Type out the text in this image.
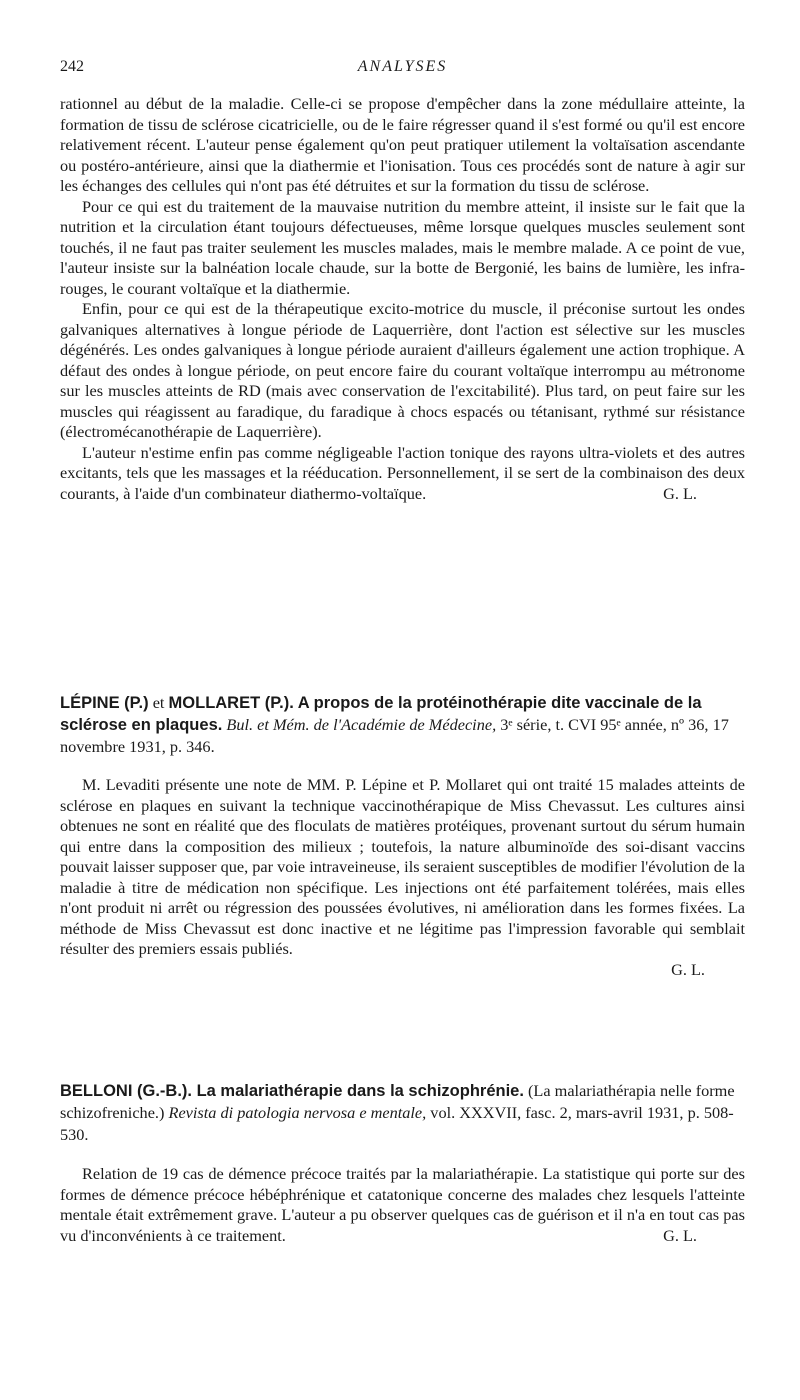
242	ANALYSES

rationnel au début de la maladie. Celle-ci se propose d'empêcher dans la zone médullaire atteinte, la formation de tissu de sclérose cicatricielle, ou de le faire régresser quand il s'est formé ou qu'il est encore relativement récent. L'auteur pense également qu'on peut pratiquer utilement la voltaïsation ascendante ou postéro-antérieure, ainsi que la diathermie et l'ionisation. Tous ces procédés sont de nature à agir sur les échanges des cellules qui n'ont pas été détruites et sur la formation du tissu de sclérose.

Pour ce qui est du traitement de la mauvaise nutrition du membre atteint, il insiste sur le fait que la nutrition et la circulation étant toujours défectueuses, même lorsque quelques muscles seulement sont touchés, il ne faut pas traiter seulement les muscles malades, mais le membre malade. A ce point de vue, l'auteur insiste sur la balnéation locale chaude, sur la botte de Bergonié, les bains de lumière, les infra-rouges, le courant voltaïque et la diathermie.

Enfin, pour ce qui est de la thérapeutique excito-motrice du muscle, il préconise surtout les ondes galvaniques alternatives à longue période de Laquerrière, dont l'action est sélective sur les muscles dégénérés. Les ondes galvaniques à longue période auraient d'ailleurs également une action trophique. A défaut des ondes à longue période, on peut encore faire du courant voltaïque interrompu au métronome sur les muscles atteints de RD (mais avec conservation de l'excitabilité). Plus tard, on peut faire sur les muscles qui réagissent au faradique, du faradique à chocs espacés ou tétanisant, rythmé sur résistance (électromécanothérapie de Laquerrière).

L'auteur n'estime enfin pas comme négligeable l'action tonique des rayons ultra-violets et des autres excitants, tels que les massages et la rééducation. Personnellement, il se sert de la combinaison des deux courants, à l'aide d'un combinateur diathermo-voltaïque.	G. L.

LÉPINE (P.) et MOLLARET (P.). A propos de la protéinothérapie dite vaccinale de la sclérose en plaques. Bul. et Mém. de l'Académie de Médecine, 3ᵉ série, t. CVI 95ᵉ année, nº 36, 17 novembre 1931, p. 346.

M. Levaditi présente une note de MM. P. Lépine et P. Mollaret qui ont traité 15 malades atteints de sclérose en plaques en suivant la technique vaccinothérapique de Miss Chevassut. Les cultures ainsi obtenues ne sont en réalité que des floculats de matières protéiques, provenant surtout du sérum humain qui entre dans la composition des milieux ; toutefois, la nature albuminoïde des soi-disant vaccins pouvait laisser supposer que, par voie intraveineuse, ils seraient susceptibles de modifier l'évolution de la maladie à titre de médication non spécifique. Les injections ont été parfaitement tolérées, mais elles n'ont produit ni arrêt ou régression des poussées évolutives, ni amélioration dans les formes fixées. La méthode de Miss Chevassut est donc inactive et ne légitime pas l'impression favorable qui semblait résulter des premiers essais publiés.

G. L.

BELLONI (G.-B.). La malariathérapie dans la schizophrénie. (La malariathérapia nelle forme schizofreniche.) Revista di patologia nervosa e mentale, vol. XXXVII, fasc. 2, mars-avril 1931, p. 508-530.

Relation de 19 cas de démence précoce traités par la malariathérapie. La statistique qui porte sur des formes de démence précoce hébéphrénique et catatonique concerne des malades chez lesquels l'atteinte mentale était extrêmement grave. L'auteur a pu observer quelques cas de guérison et il n'a en tout cas pas vu d'inconvénients à ce traitement.	G. L.
